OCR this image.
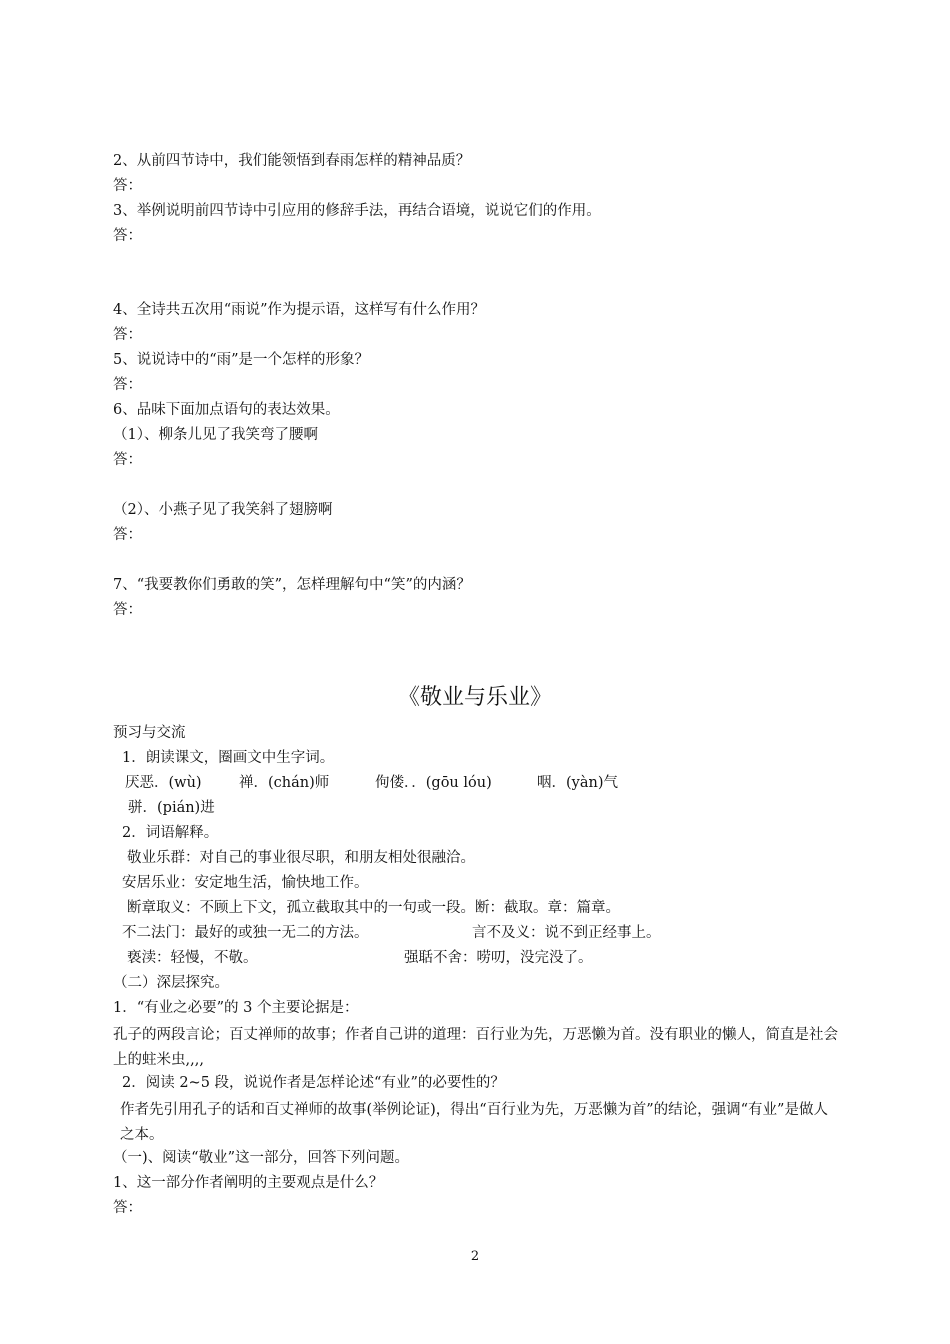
2、从前四节诗中，我们能领悟到春雨怎样的精神品质？
答：
3、举例说明前四节诗中引应用的修辞手法，再结合语境，说说它们的作用。
答：
4、全诗共五次用“雨说”作为提示语，这样写有什么作用？
答：
5、说说诗中的“雨”是一个怎样的形象？
答：
6、品味下面加点语句的表达效果。
（1）、柳条儿见了我笑弯了腰啊
答：
（2）、小燕子见了我笑斜了翅膀啊
答：
7、“我要教你们勇敢的笑”，怎样理解句中“笑”的内涵？
答：
《敬业与乐业》
预习与交流
1．朗读课文，圈画文中生字词。
厌恶．(wù)	禅．(chán)师	佝偻．．(gōu lóu)	咽．(yàn)气
骈．(pián)进
2．词语解释。
敬业乐群：对自己的事业很尽职，和朋友相处很融洽。
安居乐业：安定地生活，愉快地工作。
断章取义：不顾上下文，孤立截取其中的一句或一段。断：截取。章：篇章。
不二法门：最好的或独一无二的方法。	言不及义：说不到正经事上。
亵渎：轻慢，不敬。	强聒不舍：唠叨，没完没了。
（二）深层探究。
1．“有业之必要”的 3 个主要论据是：
孔子的两段言论；百丈禅师的故事；作者自己讲的道理：百行业为先，万恶懒为首。没有职业的懒人，简直是社会上的蛀米虫,,,,
2．阅读 2~5 段，说说作者是怎样论述“有业”的必要性的？
作者先引用孔子的话和百丈禅师的故事(举例论证)，得出“百行业为先，万恶懒为首”的结论，强调“有业”是做人之本。
（一)、阅读“敬业”这一部分，回答下列问题。
1、这一部分作者阐明的主要观点是什么？
答：
2
